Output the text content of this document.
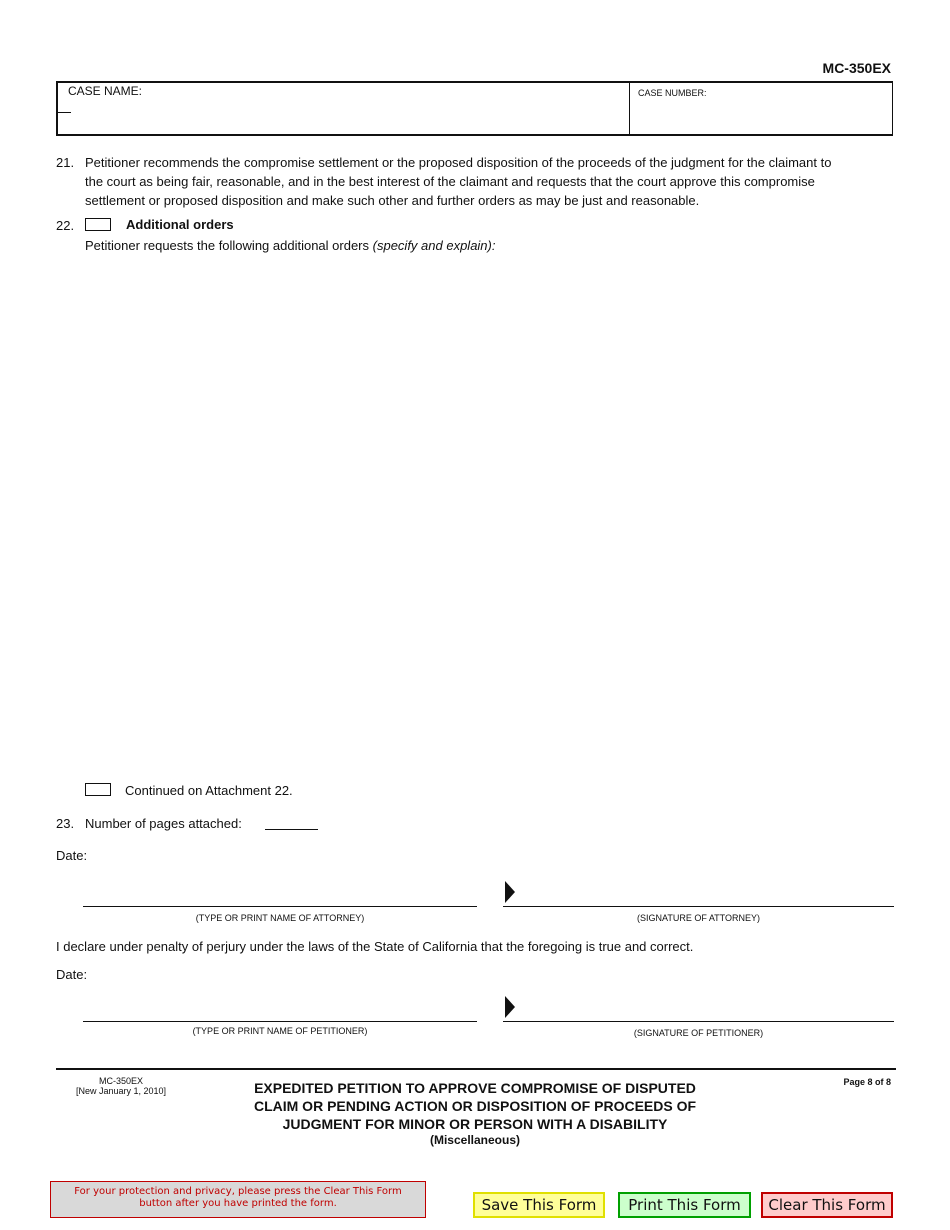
MC-350EX
CASE NAME:	CASE NUMBER:
21. Petitioner recommends the compromise settlement or the proposed disposition of the proceeds of the judgment for the claimant to
the court as being fair, reasonable, and in the best interest of the claimant and requests that the court approve this compromise
settlement or proposed disposition and make such other and further orders as may be just and reasonable.
22.	Additional orders
Petitioner requests the following additional orders (specify and explain):
Continued on Attachment 22.
23. Number of pages attached:
Date:
(TYPE OR PRINT NAME OF ATTORNEY)	(SIGNATURE OF ATTORNEY)
I declare under penalty of perjury under the laws of the State of California that the foregoing is true and correct.
Date:
(TYPE OR PRINT NAME OF PETITIONER)	(SIGNATURE OF PETITIONER)
MC-350EX
[New January 1, 2010]	EXPEDITED PETITION TO APPROVE COMPROMISE OF DISPUTED
CLAIM OR PENDING ACTION OR DISPOSITION OF PROCEEDS OF
JUDGMENT FOR MINOR OR PERSON WITH A DISABILITY
(Miscellaneous)
Page 8 of 8
For your protection and privacy, please press the Clear This Form
button after you have printed the form.	Save This Form	Print This Form	Clear This Form
